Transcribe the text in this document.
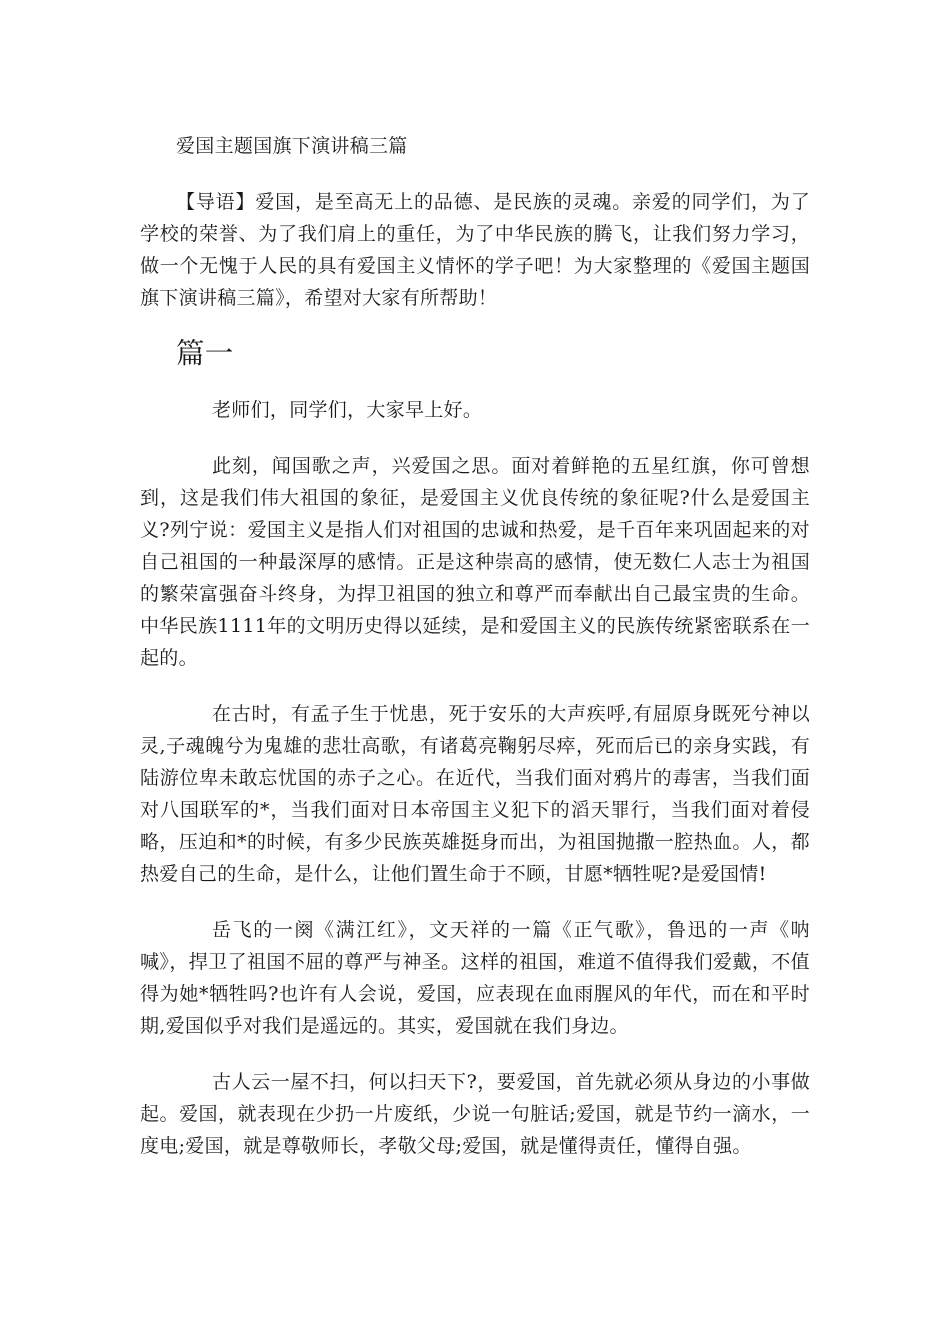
爱国主题国旗下演讲稿三篇

【导语】爱国，是至高无上的品德、是民族的灵魂。亲爱的同学们，为了学校的荣誉、为了我们肩上的重任，为了中华民族的腾飞，让我们努力学习，做一个无愧于人民的具有爱国主义情怀的学子吧！为大家整理的《爱国主题国旗下演讲稿三篇》，希望对大家有所帮助！

篇一

老师们，同学们，大家早上好。

此刻，闻国歌之声，兴爱国之思。面对着鲜艳的五星红旗，你可曾想到，这是我们伟大祖国的象征，是爱国主义优良传统的象征呢?什么是爱国主义?列宁说：爱国主义是指人们对祖国的忠诚和热爱，是千百年来巩固起来的对自己祖国的一种最深厚的感情。正是这种崇高的感情，使无数仁人志士为祖国的繁荣富强奋斗终身，为捍卫祖国的独立和尊严而奉献出自己最宝贵的生命。中华民族1111年的文明历史得以延续，是和爱国主义的民族传统紧密联系在一起的。

在古时，有孟子生于忧患，死于安乐的大声疾呼,有屈原身既死兮神以灵,子魂魄兮为鬼雄的悲壮高歌，有诸葛亮鞠躬尽瘁，死而后已的亲身实践，有陆游位卑未敢忘忧国的赤子之心。在近代，当我们面对鸦片的毒害，当我们面对八国联军的*，当我们面对日本帝国主义犯下的滔天罪行，当我们面对着侵略，压迫和*的时候，有多少民族英雄挺身而出，为祖国抛撒一腔热血。人，都热爱自己的生命，是什么，让他们置生命于不顾，甘愿*牺牲呢?是爱国情!

岳飞的一阕《满江红》，文天祥的一篇《正气歌》，鲁迅的一声《呐喊》，捍卫了祖国不屈的尊严与神圣。这样的祖国，难道不值得我们爱戴，不值得为她*牺牲吗?也许有人会说，爱国，应表现在血雨腥风的年代，而在和平时期,爱国似乎对我们是遥远的。其实，爱国就在我们身边。

古人云一屋不扫，何以扫天下?，要爱国，首先就必须从身边的小事做起。爱国，就表现在少扔一片废纸，少说一句脏话;爱国，就是节约一滴水，一度电;爱国，就是尊敬师长，孝敬父母;爱国，就是懂得责任，懂得自强。
